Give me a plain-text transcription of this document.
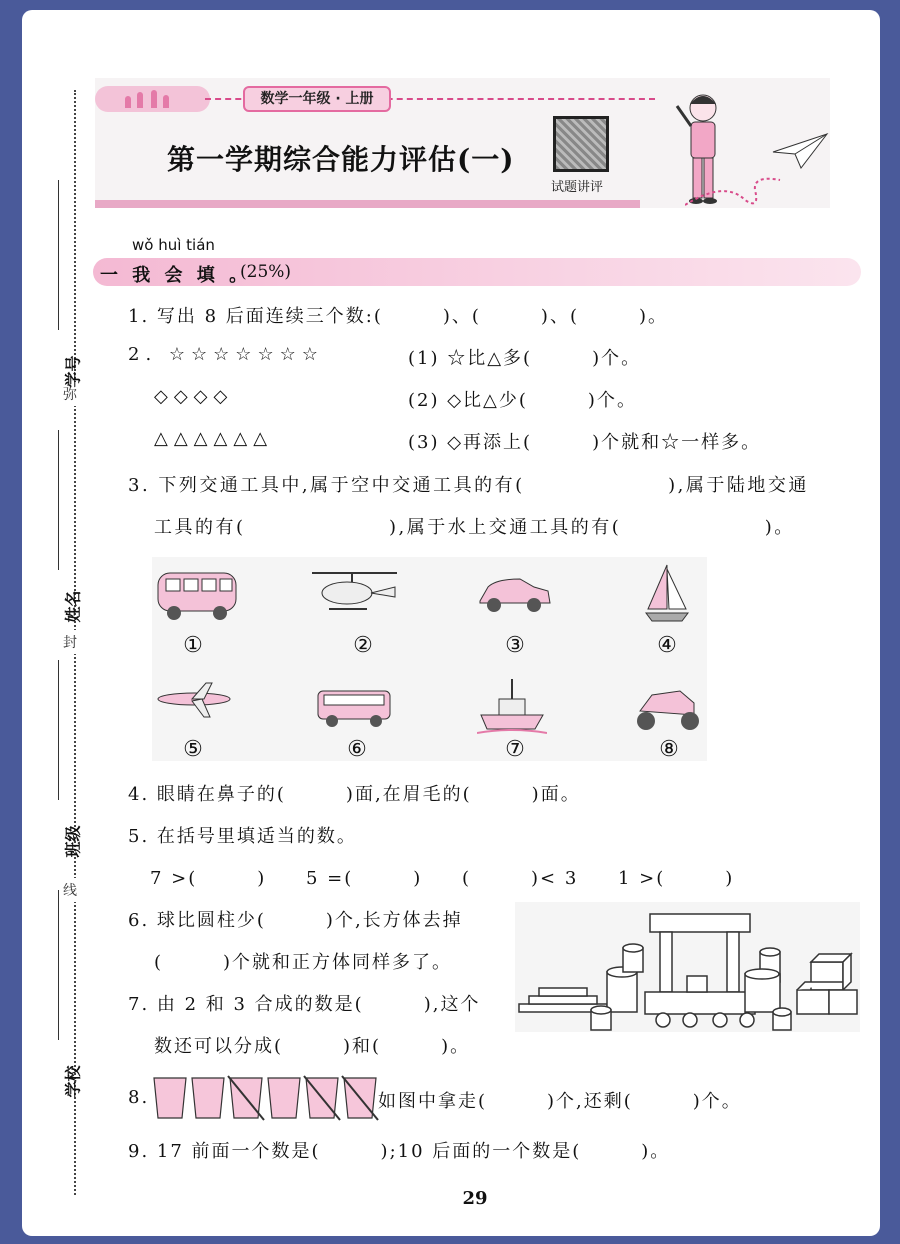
弥
封
线
学号
姓名
班级
学校
数学一年级 · 上册
第一学期综合能力评估(一)
试题讲评
wǒ huì tián
一 我 会 填 。
(25%)
1. 写出 8 后面连续三个数:(　　　)、(　　　)、(　　　)。
2. ☆☆☆☆☆☆☆
◇◇◇◇
△△△△△△
(1) ☆比△多(　　　)个。
(2) ◇比△少(　　　)个。
(3) ◇再添上(　　　)个就和☆一样多。
3. 下列交通工具中,属于空中交通工具的有(　　　　　　　),属于陆地交通
工具的有(　　　　　　　),属于水上交通工具的有(　　　　　　　)。
①	②	③	④
⑤	⑥	⑦	⑧
4. 眼睛在鼻子的(　　　)面,在眉毛的(　　　)面。
5. 在括号里填适当的数。
7 >(　　　) 5 =(　　　) (　　　)< 3 1 >(　　　)
6. 球比圆柱少(　　　)个,长方体去掉
(　　　)个就和正方体同样多了。
7. 由 2 和 3 合成的数是(　　　),这个
数还可以分成(　　　)和(　　　)。
8.	如图中拿走(　　　)个,还剩(　　　)个。
9. 17 前面一个数是(　　　);10 后面的一个数是(　　　)。
29
